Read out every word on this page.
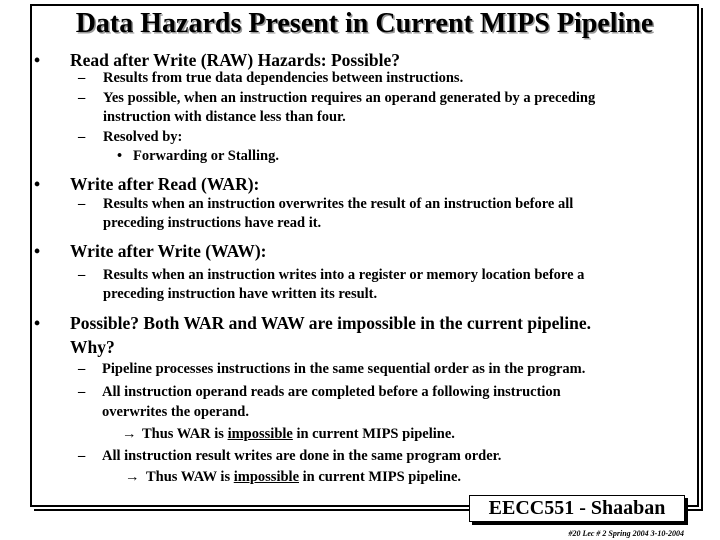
Data Hazards Present in Current MIPS Pipeline
• Read after Write (RAW) Hazards: Possible?
– Results from true data dependencies between instructions.
– Yes possible, when an instruction requires an operand generated by a preceding
instruction with distance less than four.
– Resolved by:
• Forwarding or Stalling.
• Write after Read (WAR):
– Results when an instruction overwrites the result of an instruction before all
preceding instructions have read it.
• Write after Write (WAW):
– Results when an instruction writes into a register or memory location before a
preceding instruction have written its result.
• Possible? Both WAR and WAW are impossible in the current pipeline.
Why?
– Pipeline processes instructions in the same sequential order as in the program.
– All instruction operand reads are completed before a following instruction
overwrites the operand.
→ Thus WAR is impossible in current MIPS pipeline.
– All instruction result writes are done in the same program order.
→ Thus WAW is impossible in current MIPS pipeline.
EECC551 - Shaaban
#20 Lec # 2 Spring 2004 3-10-2004
